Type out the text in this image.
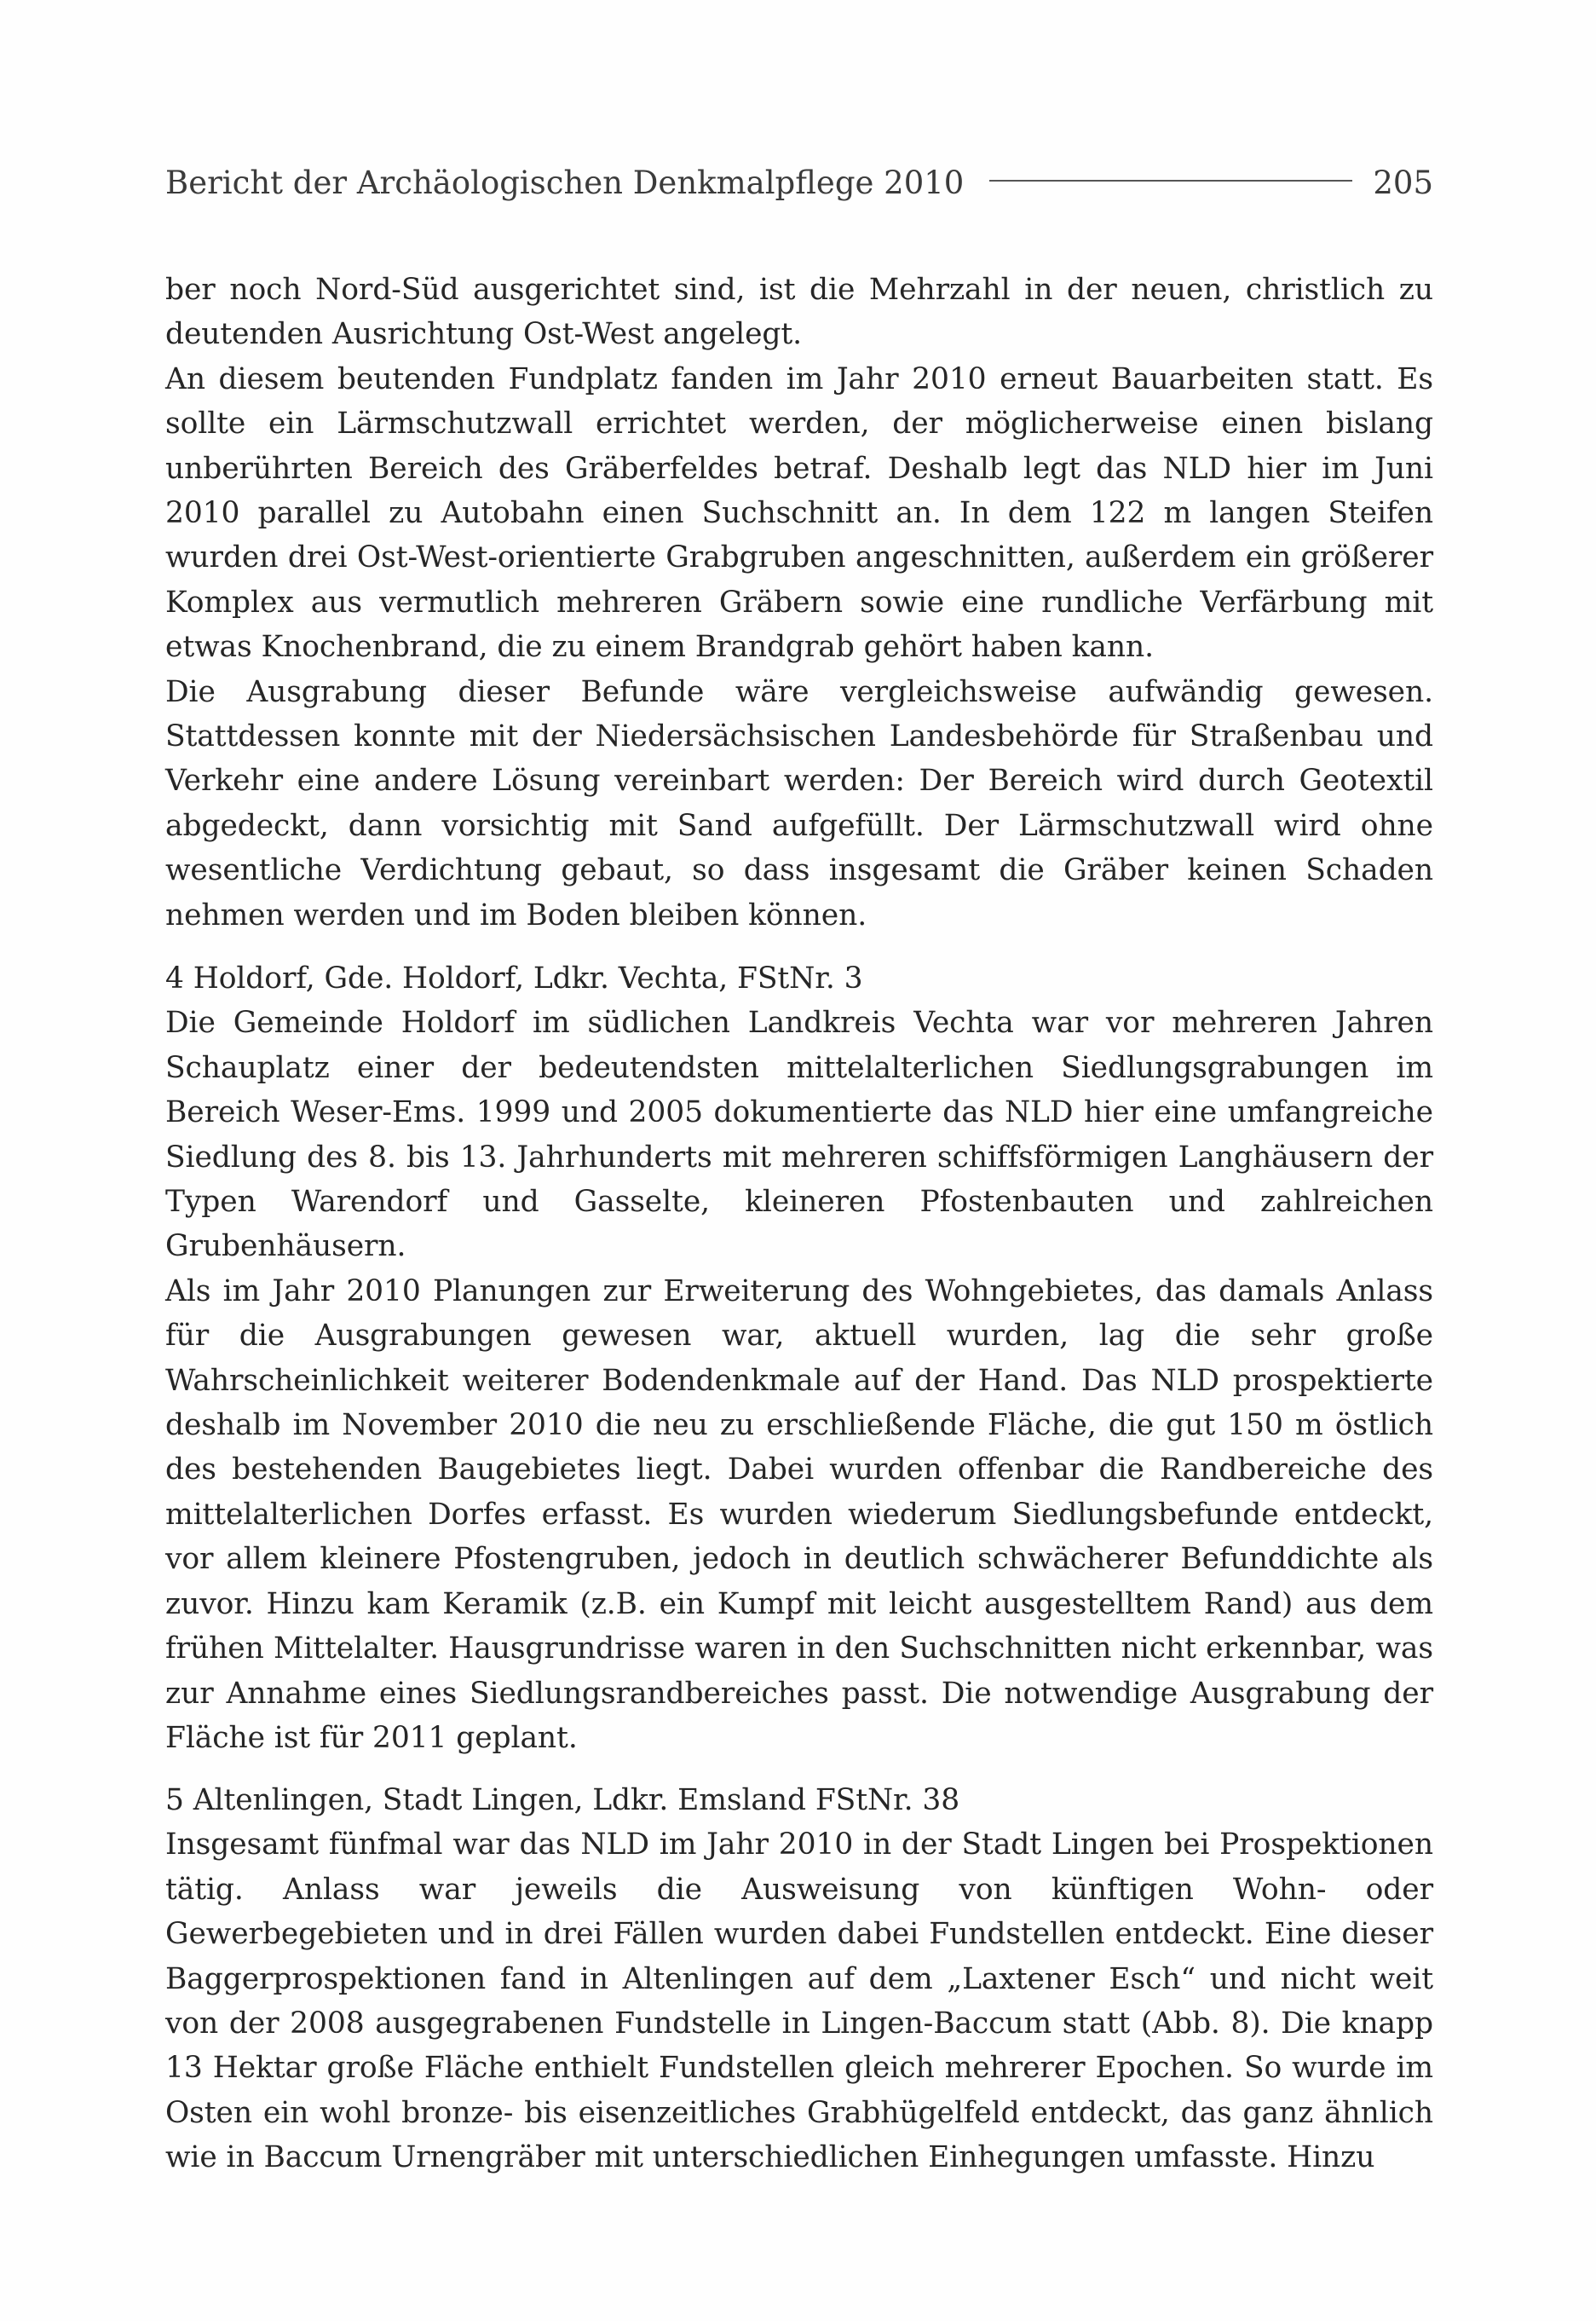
Bericht der Archäologischen Denkmalpflege 2010	205

ber noch Nord-Süd ausgerichtet sind, ist die Mehrzahl in der neuen, christlich zu deutenden Ausrichtung Ost-West angelegt.

An diesem beutenden Fundplatz fanden im Jahr 2010 erneut Bauarbeiten statt. Es sollte ein Lärmschutzwall errichtet werden, der möglicherweise einen bislang unberührten Bereich des Gräberfeldes betraf. Deshalb legt das NLD hier im Juni 2010 parallel zu Autobahn einen Suchschnitt an. In dem 122 m langen Steifen wurden drei Ost-West-orientierte Grabgruben angeschnitten, außerdem ein größerer Komplex aus vermutlich mehreren Gräbern sowie eine rundliche Verfärbung mit etwas Knochenbrand, die zu einem Brandgrab gehört haben kann.

Die Ausgrabung dieser Befunde wäre vergleichsweise aufwändig gewesen. Stattdessen konnte mit der Niedersächsischen Landesbehörde für Straßenbau und Verkehr eine andere Lösung vereinbart werden: Der Bereich wird durch Geotextil abgedeckt, dann vorsichtig mit Sand aufgefüllt. Der Lärmschutzwall wird ohne wesentliche Verdichtung gebaut, so dass insgesamt die Gräber keinen Schaden nehmen werden und im Boden bleiben können.

4 Holdorf, Gde. Holdorf, Ldkr. Vechta, FStNr. 3

Die Gemeinde Holdorf im südlichen Landkreis Vechta war vor mehreren Jahren Schauplatz einer der bedeutendsten mittelalterlichen Siedlungsgrabungen im Bereich Weser-Ems. 1999 und 2005 dokumentierte das NLD hier eine umfangreiche Siedlung des 8. bis 13. Jahrhunderts mit mehreren schiffsförmigen Langhäusern der Typen Warendorf und Gasselte, kleineren Pfostenbauten und zahlreichen Grubenhäusern.

Als im Jahr 2010 Planungen zur Erweiterung des Wohngebietes, das damals Anlass für die Ausgrabungen gewesen war, aktuell wurden, lag die sehr große Wahrscheinlichkeit weiterer Bodendenkmale auf der Hand. Das NLD prospektierte deshalb im November 2010 die neu zu erschließende Fläche, die gut 150 m östlich des bestehenden Baugebietes liegt. Dabei wurden offenbar die Randbereiche des mittelalterlichen Dorfes erfasst. Es wurden wiederum Siedlungsbefunde entdeckt, vor allem kleinere Pfostengruben, jedoch in deutlich schwächerer Befunddichte als zuvor. Hinzu kam Keramik (z.B. ein Kumpf mit leicht ausgestelltem Rand) aus dem frühen Mittelalter. Hausgrundrisse waren in den Suchschnitten nicht erkennbar, was zur Annahme eines Siedlungsrandbereiches passt. Die notwendige Ausgrabung der Fläche ist für 2011 geplant.

5 Altenlingen, Stadt Lingen, Ldkr. Emsland FStNr. 38

Insgesamt fünfmal war das NLD im Jahr 2010 in der Stadt Lingen bei Prospektionen tätig. Anlass war jeweils die Ausweisung von künftigen Wohn- oder Gewerbegebieten und in drei Fällen wurden dabei Fundstellen entdeckt. Eine dieser Baggerprospektionen fand in Altenlingen auf dem „Laxtener Esch“ und nicht weit von der 2008 ausgegrabenen Fundstelle in Lingen-Baccum statt (Abb. 8). Die knapp 13 Hektar große Fläche enthielt Fundstellen gleich mehrerer Epochen. So wurde im Osten ein wohl bronze- bis eisenzeitliches Grabhügelfeld entdeckt, das ganz ähnlich wie in Baccum Urnengräber mit unterschiedlichen Einhegungen umfasste. Hinzu
